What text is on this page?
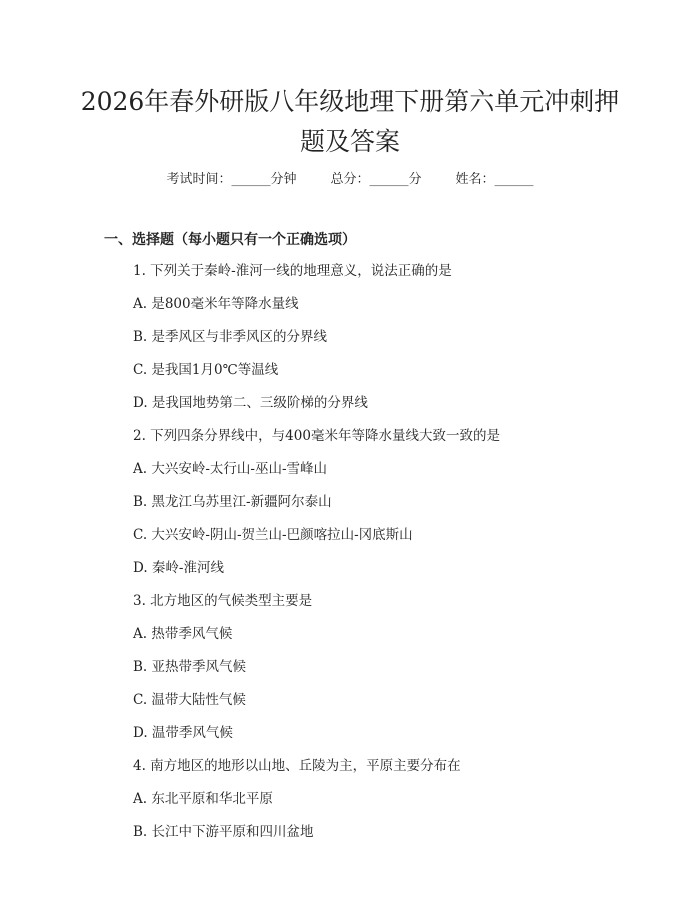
2026年春外研版八年级地理下册第六单元冲刺押题及答案
考试时间：______分钟	总分：______分	姓名：______
一、选择题（每小题只有一个正确选项）
1. 下列关于秦岭-淮河一线的地理意义，说法正确的是
A. 是800毫米年等降水量线
B. 是季风区与非季风区的分界线
C. 是我国1月0℃等温线
D. 是我国地势第二、三级阶梯的分界线
2. 下列四条分界线中，与400毫米年等降水量线大致一致的是
A. 大兴安岭-太行山-巫山-雪峰山
B. 黑龙江乌苏里江-新疆阿尔泰山
C. 大兴安岭-阴山-贺兰山-巴颜喀拉山-冈底斯山
D. 秦岭-淮河线
3. 北方地区的气候类型主要是
A. 热带季风气候
B. 亚热带季风气候
C. 温带大陆性气候
D. 温带季风气候
4. 南方地区的地形以山地、丘陵为主，平原主要分布在
A. 东北平原和华北平原
B. 长江中下游平原和四川盆地
